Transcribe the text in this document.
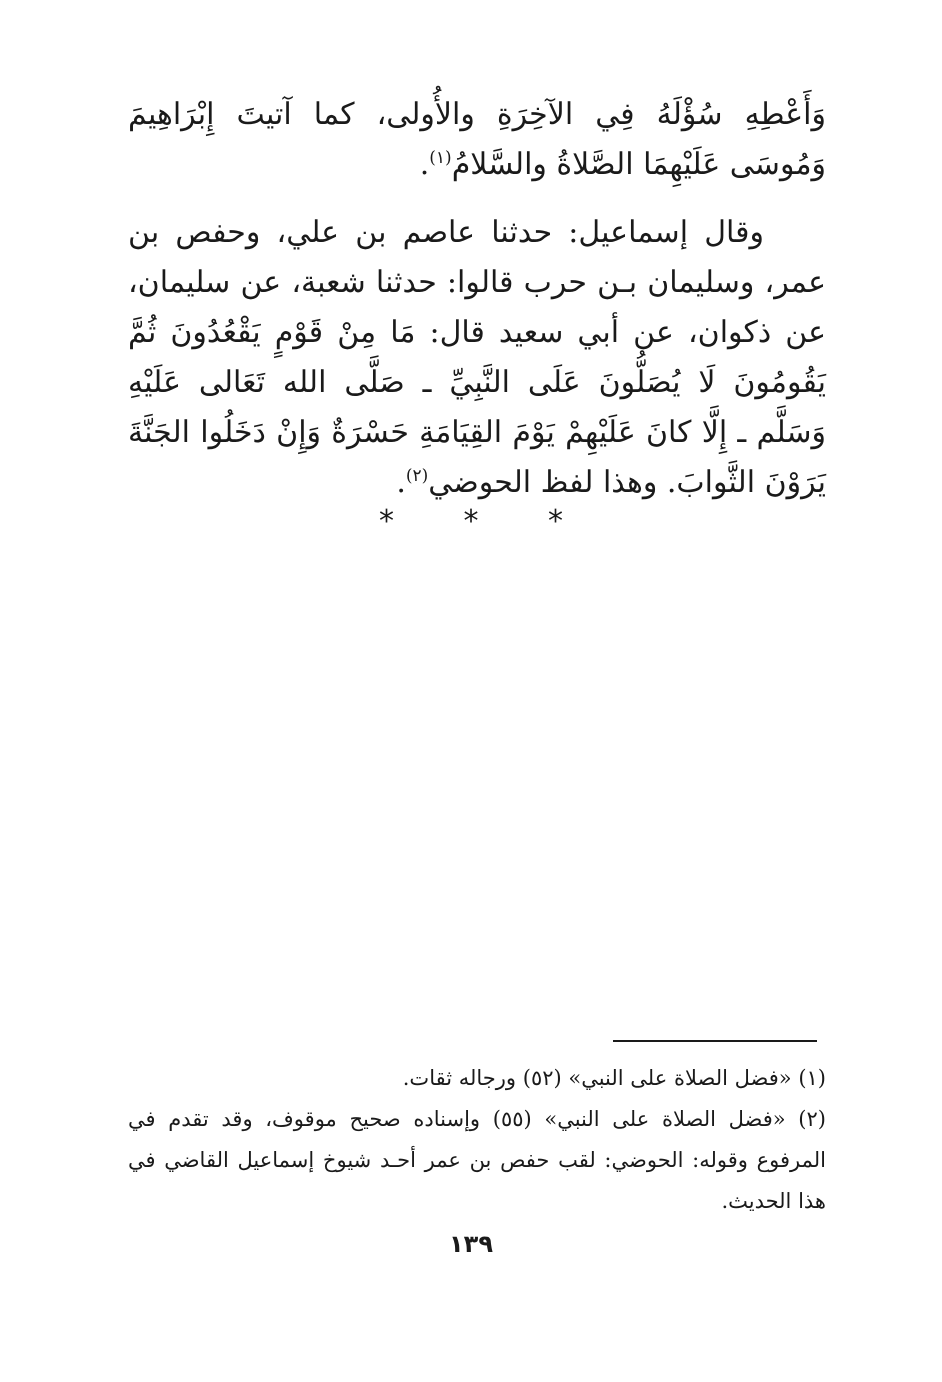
وَأَعْطِهِ سُؤْلَهُ فِي الآخِرَةِ والأُولى، كما آتيتَ إِبْرَاهِيمَ وَمُوسَى عَلَيْهِمَا الصَّلاةُ والسَّلامُ$^{(١)}$.

وقال إسماعيل: حدثنا عاصم بن علي، وحفص بن عمر، وسليمان بـن حرب قالوا: حدثنا شعبة، عن سليمان، عن ذكوان، عن أبي سعيد قال: مَا مِنْ قَوْمٍ يَقْعُدُونَ ثُمَّ يَقُومُونَ لَا يُصَلُّونَ عَلَى النَّبِيِّ ـ صَلَّى الله تَعَالى عَلَيْهِ وَسَلَّم ـ إِلَّا كانَ عَلَيْهِمْ يَوْمَ القِيَامَةِ حَسْرَةٌ وَإِنْ دَخَلُوا الجَنَّةَ يَرَوْنَ الثَّوابَ. وهذا لفظ الحوضي$^{(٢)}$.

* * *

(١) «فضل الصلاة على النبي» (٥٢) ورجاله ثقات.

(٢) «فضل الصلاة على النبي» (٥٥) وإسناده صحيح موقوف، وقد تقدم في المرفوع وقوله: الحوضي: لقب حفص بن عمر أحـد شيوخ إسماعيل القاضي في هذا الحديث.

١٣٩
